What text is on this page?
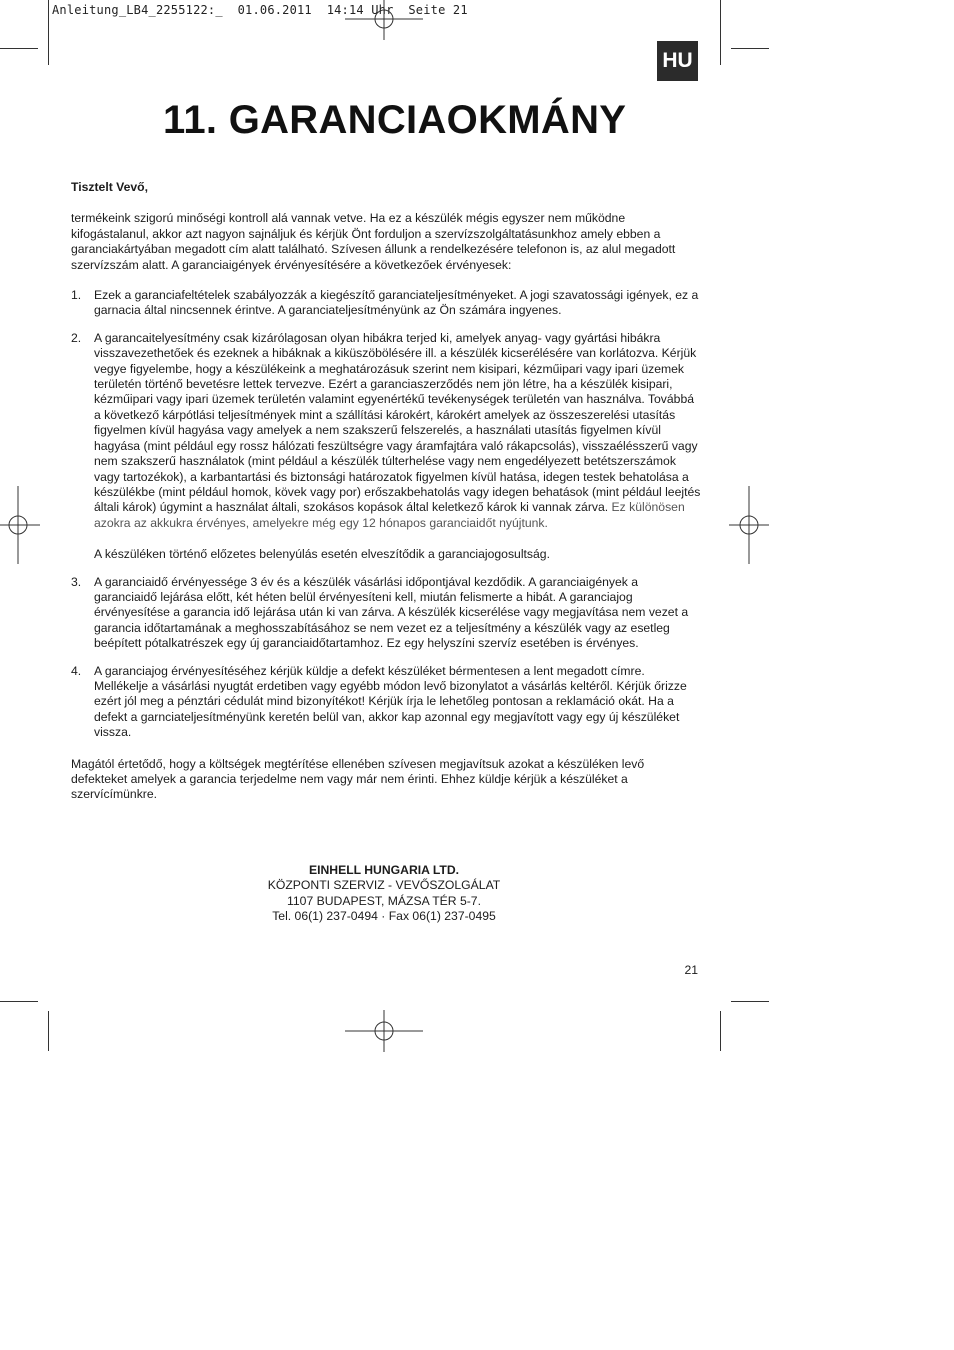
Anleitung_LB4_2255122:_  01.06.2011  14:14 Uhr  Seite 21
HU
11. GARANCIAOKMÁNY

Tisztelt Vevő,

termékeink szigorú minőségi kontroll alá vannak vetve. Ha ez a készülék mégis egyszer nem működne kifogástalanul, akkor azt nagyon sajnáljuk és kérjük Önt forduljon a szervízszolgáltatásunkhoz amely ebben a garanciakártyában megadott cím alatt található. Szívesen állunk a rendelkezésére telefonon is, az alul megadott szervízszám alatt. A garanciaigények érvényesítésére a következőek érvényesek:

1. Ezek a garanciafeltételek szabályozzák a kiegészítő garanciateljesítményeket. A jogi szavatossági igények, ez a garnacia által nincsennek érintve. A garanciateljesítményünk az Ön számára ingyenes.

2. A garancaitelyesítmény csak kizárólagosan olyan hibákra terjed ki, amelyek anyag- vagy gyártási hibákra visszavezethetőek és ezeknek a hibáknak a kiküszöbölésére ill. a készülék kicserélésére van korlátozva. Kérjük vegye figyelembe, hogy a készülékeink a meghatározásuk szerint nem kisipari, kézműipari vagy ipari üzemek területén történő bevetésre lettek tervezve. Ezért a garanciaszerződés nem jön létre, ha a készülék kisipari, kézműipari vagy ipari üzemek területén valamint egyenértékű tevékenységek területén van használva. Továbbá a következő kárpótlási teljesítmények mint a szállítási károkért, károkért amelyek az összeszerelési utasítás figyelmen kívül hagyása vagy amelyek a nem szakszerű felszerelés, a használati utasítás figyelmen kívül hagyása (mint például egy rossz hálózati feszültségre vagy áramfajtára való rákapcsolás), visszaélésszerű vagy nem szakszerű használatok (mint például a készülék túlterhelése vagy nem engedélyezett betétszerszámok vagy tartozékok), a karbantartási és biztonsági határozatok figyelmen kívül hatása, idegen testek behatolása a készülékbe (mint például homok, kövek vagy por) erőszakbehatolás vagy idegen behatások (mint például leejtés általi károk) úgymint a használat általi, szokásos kopások által keletkező károk ki vannak zárva. Ez különösen azokra az akkukra érvényes, amelyekre még egy 12 hónapos garanciaidőt nyújtunk.

A készüléken történő előzetes belenyúlás esetén elveszítődik a garanciajogosultság.

3. A garanciaidő érvényessége 3 év és a készülék vásárlási időpontjával kezdődik. A garanciaigények a garanciaidő lejárása előtt, két héten belül érvényesíteni kell, miután felismerte a hibát. A garanciajog érvényesítése a garancia idő lejárása után ki van zárva. A készülék kicserélése vagy megjavítása nem vezet a garancia időtartamának a meghosszabításához se nem vezet ez a teljesítmény a készülék vagy az esetleg beépített pótalkatrészek egy új garanciaidőtartamhoz. Ez egy helyszíni szervíz esetében is érvényes.

4. A garanciajog érvényesítéséhez kérjük küldje a defekt készüléket bérmentesen a lent megadott címre. Mellékelje a vásárlási nyugtát erdetiben vagy egyébb módon levő bizonylatot a vásárlás keltéről. Kérjük őrizze ezért jól meg a pénztári cédulát mind bizonyítékot! Kérjük írja le lehetőleg pontosan a reklamáció okát. Ha a defekt a garnciateljesítményünk keretén belül van, akkor kap azonnal egy megjavított vagy egy új készüléket vissza.

Magától értetődő, hogy a költségek megtérítése ellenében szívesen megjavítsuk azokat a készüléken levő defekteket amelyek a garancia terjedelme nem vagy már nem érinti. Ehhez küldje kérjük a készüléket a szervícímünkre.

EINHELL HUNGARIA LTD.
KÖZPONTI SZERVIZ - VEVŐSZOLGÁLAT
1107 BUDAPEST, MÁZSA TÉR 5-7.
Tel. 06(1) 237-0494 · Fax 06(1) 237-0495
21
